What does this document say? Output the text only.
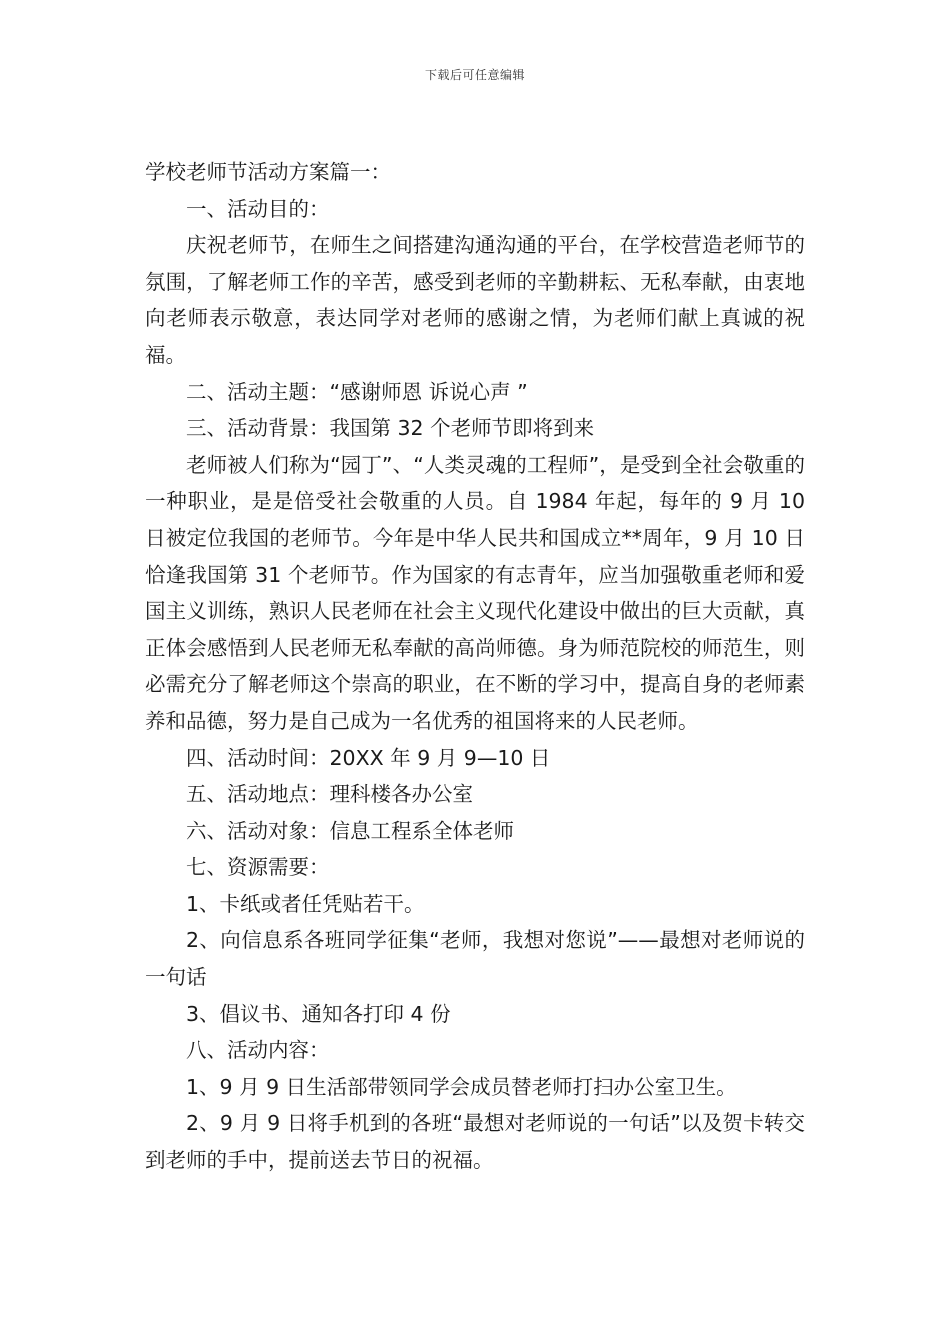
下载后可任意编辑

学校老师节活动方案篇一：

一、活动目的：

庆祝老师节，在师生之间搭建沟通沟通的平台，在学校营造老师节的氛围，了解老师工作的辛苦，感受到老师的辛勤耕耘、无私奉献，由衷地向老师表示敬意，表达同学对老师的感谢之情，为老师们献上真诚的祝福。

二、活动主题：“感谢师恩 诉说心声 ”

三、活动背景：我国第 32 个老师节即将到来

老师被人们称为“园丁”、“人类灵魂的工程师”，是受到全社会敬重的一种职业，是是倍受社会敬重的人员。自 1984 年起，每年的 9 月 10 日被定位我国的老师节。今年是中华人民共和国成立**周年，9 月 10 日恰逢我国第 31 个老师节。作为国家的有志青年，应当加强敬重老师和爱国主义训练，熟识人民老师在社会主义现代化建设中做出的巨大贡献，真正体会感悟到人民老师无私奉献的高尚师德。身为师范院校的师范生，则必需充分了解老师这个崇高的职业，在不断的学习中，提高自身的老师素养和品德，努力是自己成为一名优秀的祖国将来的人民老师。

四、活动时间：20XX 年 9 月 9—10 日

五、活动地点：理科楼各办公室

六、活动对象：信息工程系全体老师

七、资源需要：

1、卡纸或者任凭贴若干。

2、向信息系各班同学征集“老师，我想对您说”——最想对老师说的一句话

3、倡议书、通知各打印 4 份

八、活动内容：

1、9 月 9 日生活部带领同学会成员替老师打扫办公室卫生。

2、9 月 9 日将手机到的各班“最想对老师说的一句话”以及贺卡转交到老师的手中，提前送去节日的祝福。
